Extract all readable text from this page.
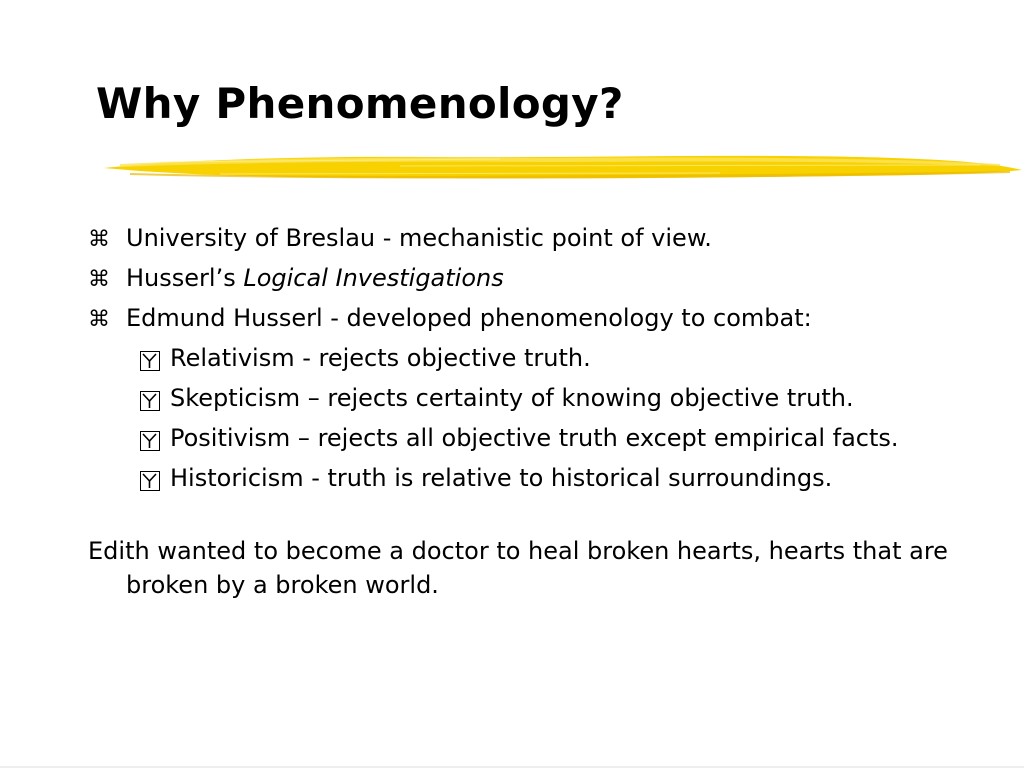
Why Phenomenology?
⌘ University of Breslau - mechanistic point of view.
⌘ Husserl’s Logical Investigations
⌘ Edmund Husserl - developed phenomenology to combat:
Relativism - rejects objective truth.
Skepticism – rejects certainty of knowing objective truth.
Positivism – rejects all objective truth except empirical facts.
Historicism - truth is relative to historical surroundings.

Edith wanted to become a doctor to heal broken hearts, hearts that are broken by a broken world.
